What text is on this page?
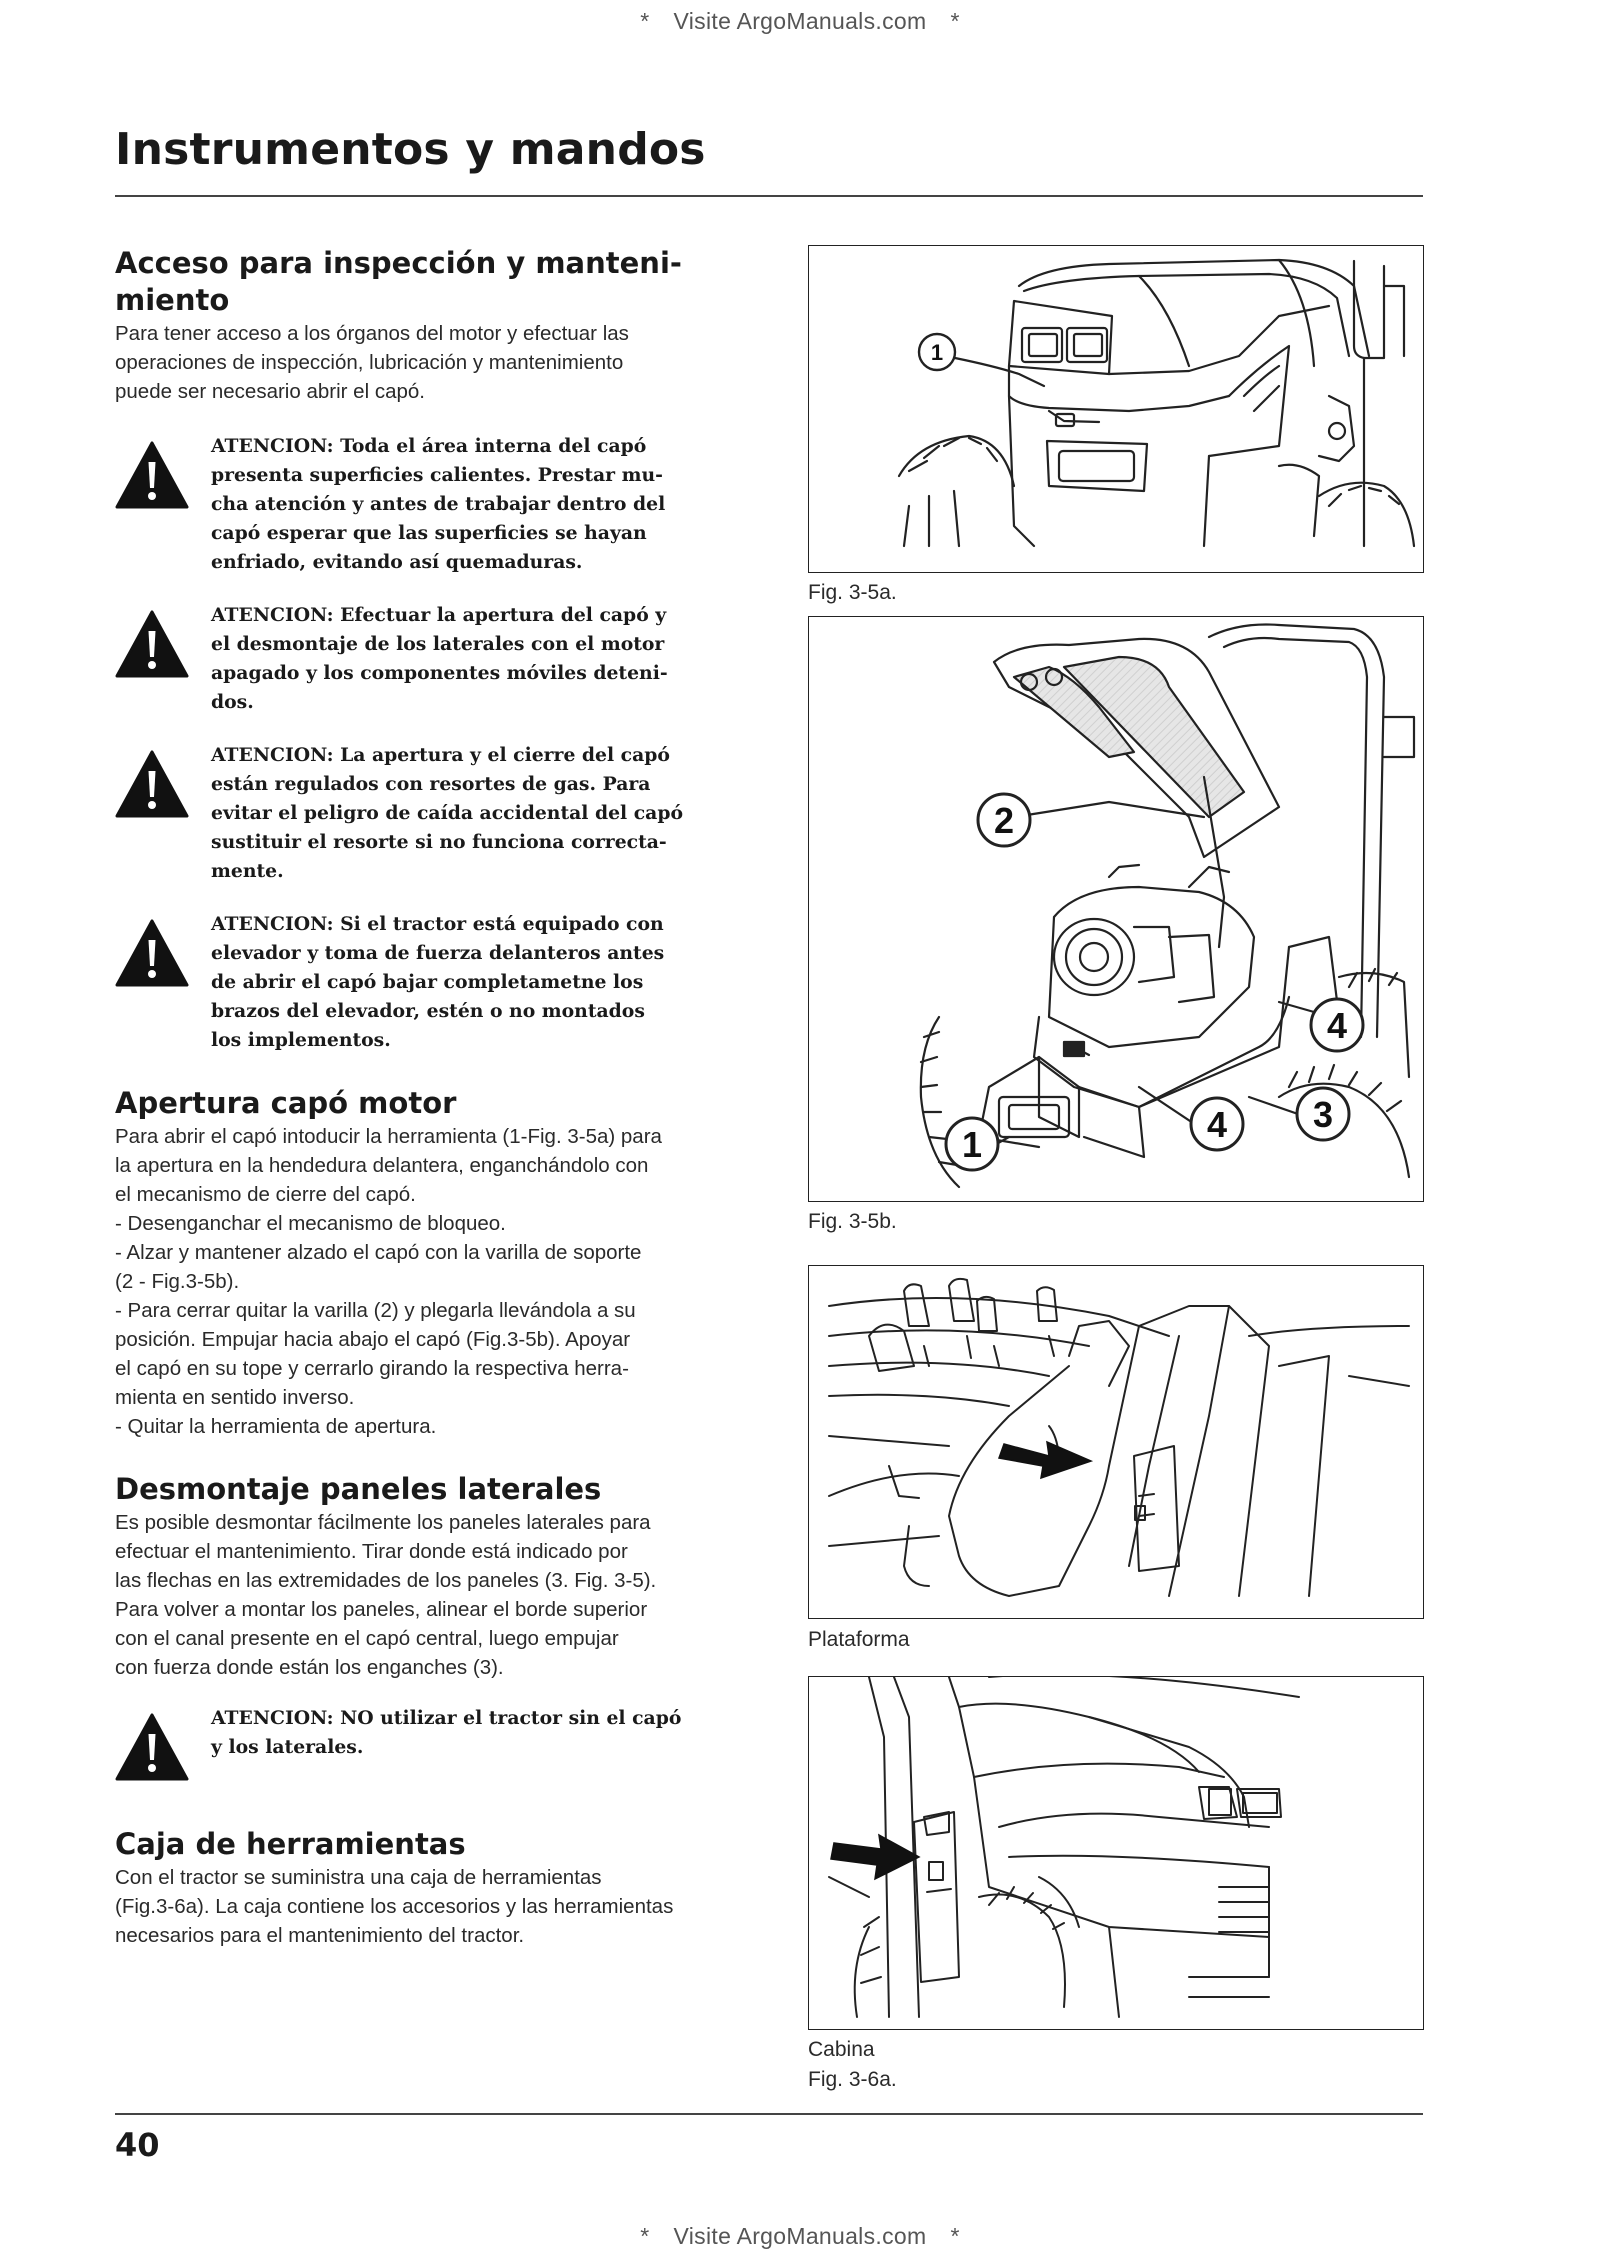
* Visite ArgoManuals.com *
Instrumentos y mandos
Acceso para inspección y manteni-
miento

Para tener acceso a los órganos del motor y efectuar las
operaciones de inspección, lubricación y mantenimiento
puede ser necesario abrir el capó.

ATENCION: Toda el área interna del capó
presenta superficies calientes. Prestar mu-
cha atención y antes de trabajar dentro del
capó esperar que las superficies se hayan
enfriado, evitando así quemaduras.
ATENCION: Efectuar la apertura del capó y
el desmontaje de los laterales con el motor
apagado y los componentes móviles deteni-
dos.
ATENCION: La apertura y el cierre del capó
están regulados con resortes de gas. Para
evitar el peligro de caída accidental del capó
sustituir el resorte si no funciona correcta-
mente.
ATENCION: Si el tractor está equipado con
elevador y toma de fuerza delanteros antes
de abrir el capó bajar completametne los
brazos del elevador, estén o no montados
los implementos.
Apertura capó motor

Para abrir el capó intoducir la herramienta (1-Fig. 3-5a) para
la apertura en la hendedura delantera, enganchándolo con
el mecanismo de cierre del capó.
- Desenganchar el mecanismo de bloqueo.
- Alzar y mantener alzado el capó con la varilla de soporte
(2 - Fig.3-5b).
- Para cerrar quitar la varilla (2) y plegarla llevándola a su
posición. Empujar hacia abajo el capó (Fig.3-5b). Apoyar
el capó en su tope y cerrarlo girando la respectiva herra-
mienta en sentido inverso.
- Quitar la herramienta de apertura.

Desmontaje paneles laterales

Es posible desmontar fácilmente los paneles laterales para
efectuar el mantenimiento. Tirar donde está indicado por
las flechas en las extremidades de los paneles (3. Fig. 3-5).
Para volver a montar los paneles, alinear el borde superior
con el canal presente en el capó central, luego empujar
con fuerza donde están los enganches (3).

ATENCION: NO utilizar el tractor sin el capó
y los laterales.
Caja de herramientas

Con el tractor se suministra una caja de herramientas
(Fig.3-6a). La caja contiene los accesorios y las herramientas
necesarios para el mantenimiento del tractor.

1
Fig. 3-5a.
2
4
3
1	4
Fig. 3-5b.
Plataforma
Cabina
Fig. 3-6a.
40
* Visite ArgoManuals.com *
